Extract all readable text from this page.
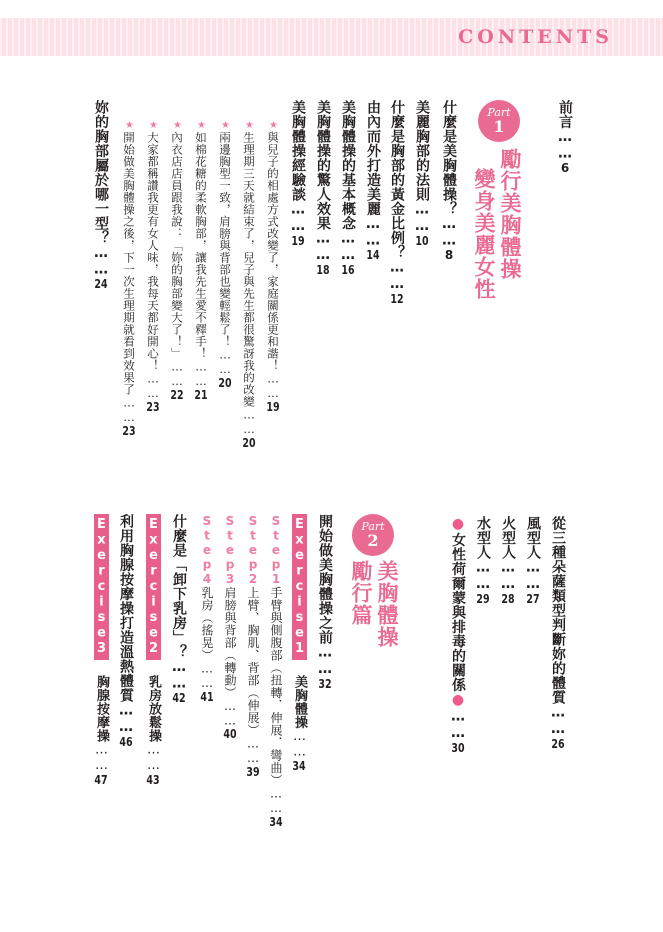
CONTENTS
前言……6
Part
1
勵行美胸體操
變身美麗女性
什麼是美胸體操？……8
美麗胸部的法則……10
什麼是胸部的黃金比例？……12
由內而外打造美麗……14
美胸體操的基本概念……16
美胸體操的驚人效果……18
美胸體操經驗談……19
★與兒子的相處方式改變了，家庭關係更和諧！……19
★生理期三天就結束了，兒子與先生都很驚訝我的改變……20
★兩邊胸型一致，肩膀與背部也變輕鬆了！……20
★如棉花糖的柔軟胸部，讓我先生愛不釋手！……21
★內衣店店員跟我說：「妳的胸部變大了！」……22
★大家都稱讚我更有女人味，我每天都好開心！……23
★開始做美胸體操之後，下一次生理期就看到效果了……23
妳的胸部屬於哪一型？……24
從三種朵薩類型判斷妳的體質……26
風型人……27
火型人……28
水型人……29
●女性荷爾蒙與排毒的關係●……30
Part
2
美胸體操
勵行篇
開始做美胸體操之前……32
Exercise1 美胸體操……34
Step1手臂與側腹部（扭轉．伸展．彎曲）……34
Step2上臂、胸肌、背部（伸展）……39
Step3肩膀與背部（轉動）……40
Step4乳房（搖晃）……41
什麼是「卸下乳房」？……42
Exercise2 乳房放鬆操……43
利用胸腺按摩操打造溫熱體質……46
Exercise3 胸腺按摩操……47
